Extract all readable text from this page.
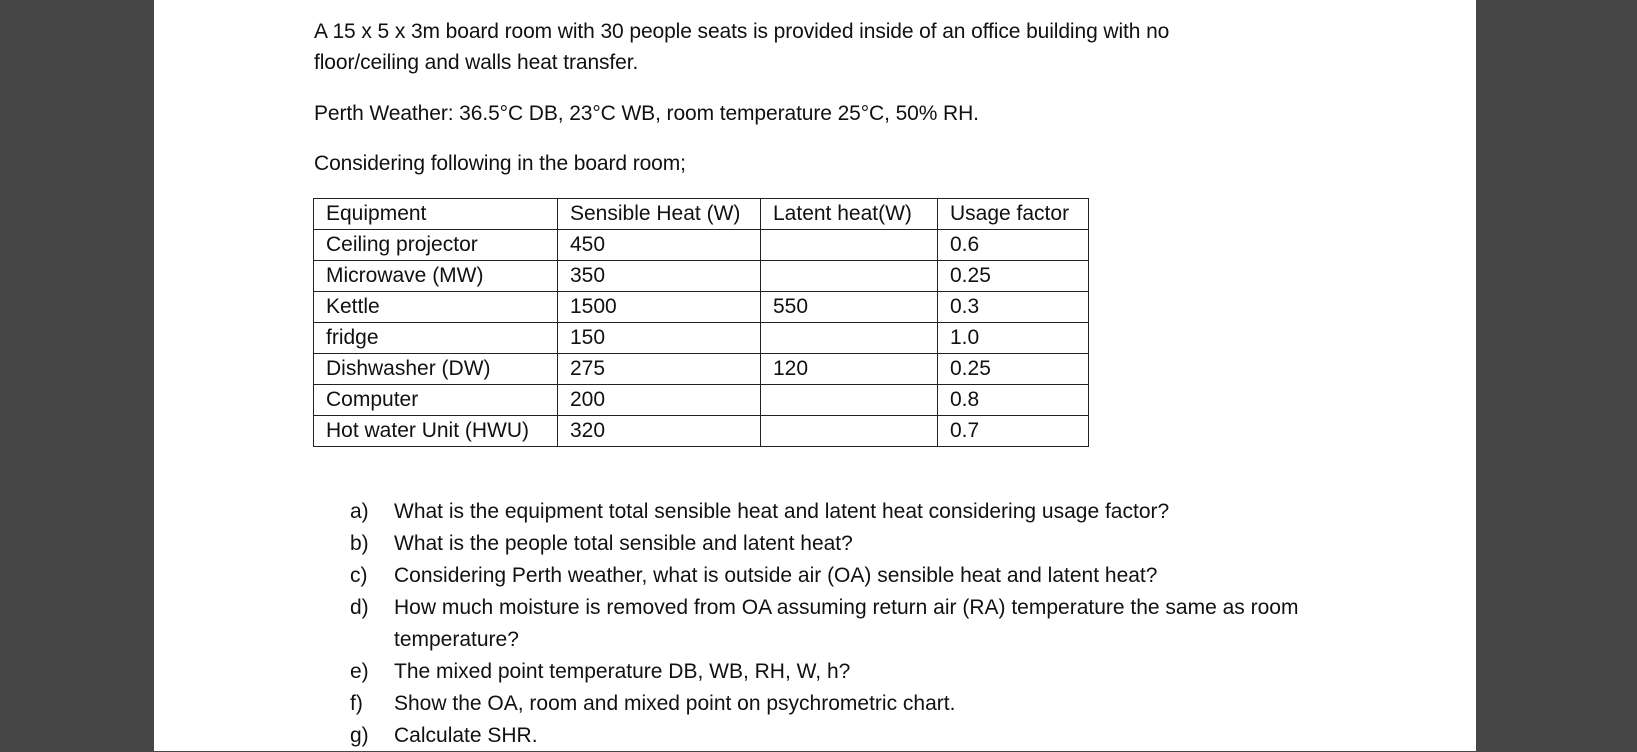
A 15 x 5 x 3m board room with 30 people seats is provided inside of an office building with no floor/ceiling and walls heat transfer.

Perth Weather: 36.5°C DB, 23°C WB, room temperature 25°C, 50% RH.

Considering following in the board room;

Equipment	Sensible Heat (W)	Latent heat(W)	Usage factor
Ceiling projector	450		0.6
Microwave (MW)	350		0.25
Kettle	1500	550	0.3
fridge	150		1.0
Dishwasher (DW)	275	120	0.25
Computer	200		0.8
Hot water Unit (HWU)	320		0.7
a) What is the equipment total sensible heat and latent heat considering usage factor?
b) What is the people total sensible and latent heat?
c) Considering Perth weather, what is outside air (OA) sensible heat and latent heat?
d) How much moisture is removed from OA assuming return air (RA) temperature the same as room temperature?
e) The mixed point temperature DB, WB, RH, W, h?
f) Show the OA, room and mixed point on psychrometric chart.
g) Calculate SHR.
